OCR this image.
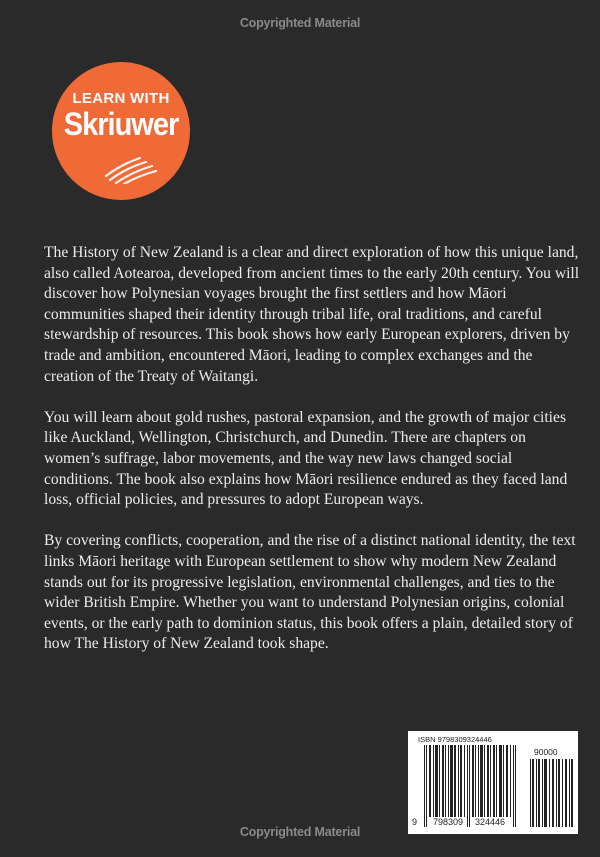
Copyrighted Material
LEARN WITH
Skriuwer

The History of New Zealand is a clear and direct exploration of how this unique land, also called Aotearoa, developed from ancient times to the early 20th century. You will discover how Polynesian voyages brought the first settlers and how Māori communities shaped their identity through tribal life, oral traditions, and careful stewardship of resources. This book shows how early European explorers, driven by trade and ambition, encountered Māori, leading to complex exchanges and the creation of the Treaty of Waitangi.

You will learn about gold rushes, pastoral expansion, and the growth of major cities like Auckland, Wellington, Christchurch, and Dunedin. There are chapters on women’s suffrage, labor movements, and the way new laws changed social conditions. The book also explains how Māori resilience endured as they faced land loss, official policies, and pressures to adopt European ways.

By covering conflicts, cooperation, and the rise of a distinct national identity, the text links Māori heritage with European settlement to show why modern New Zealand stands out for its progressive legislation, environmental challenges, and ties to the wider British Empire. Whether you want to understand Polynesian origins, colonial events, or the early path to dominion status, this book offers a plain, detailed story of how The History of New Zealand took shape.

ISBN 9798309324446
90000
9 798309 324446
Copyrighted Material
